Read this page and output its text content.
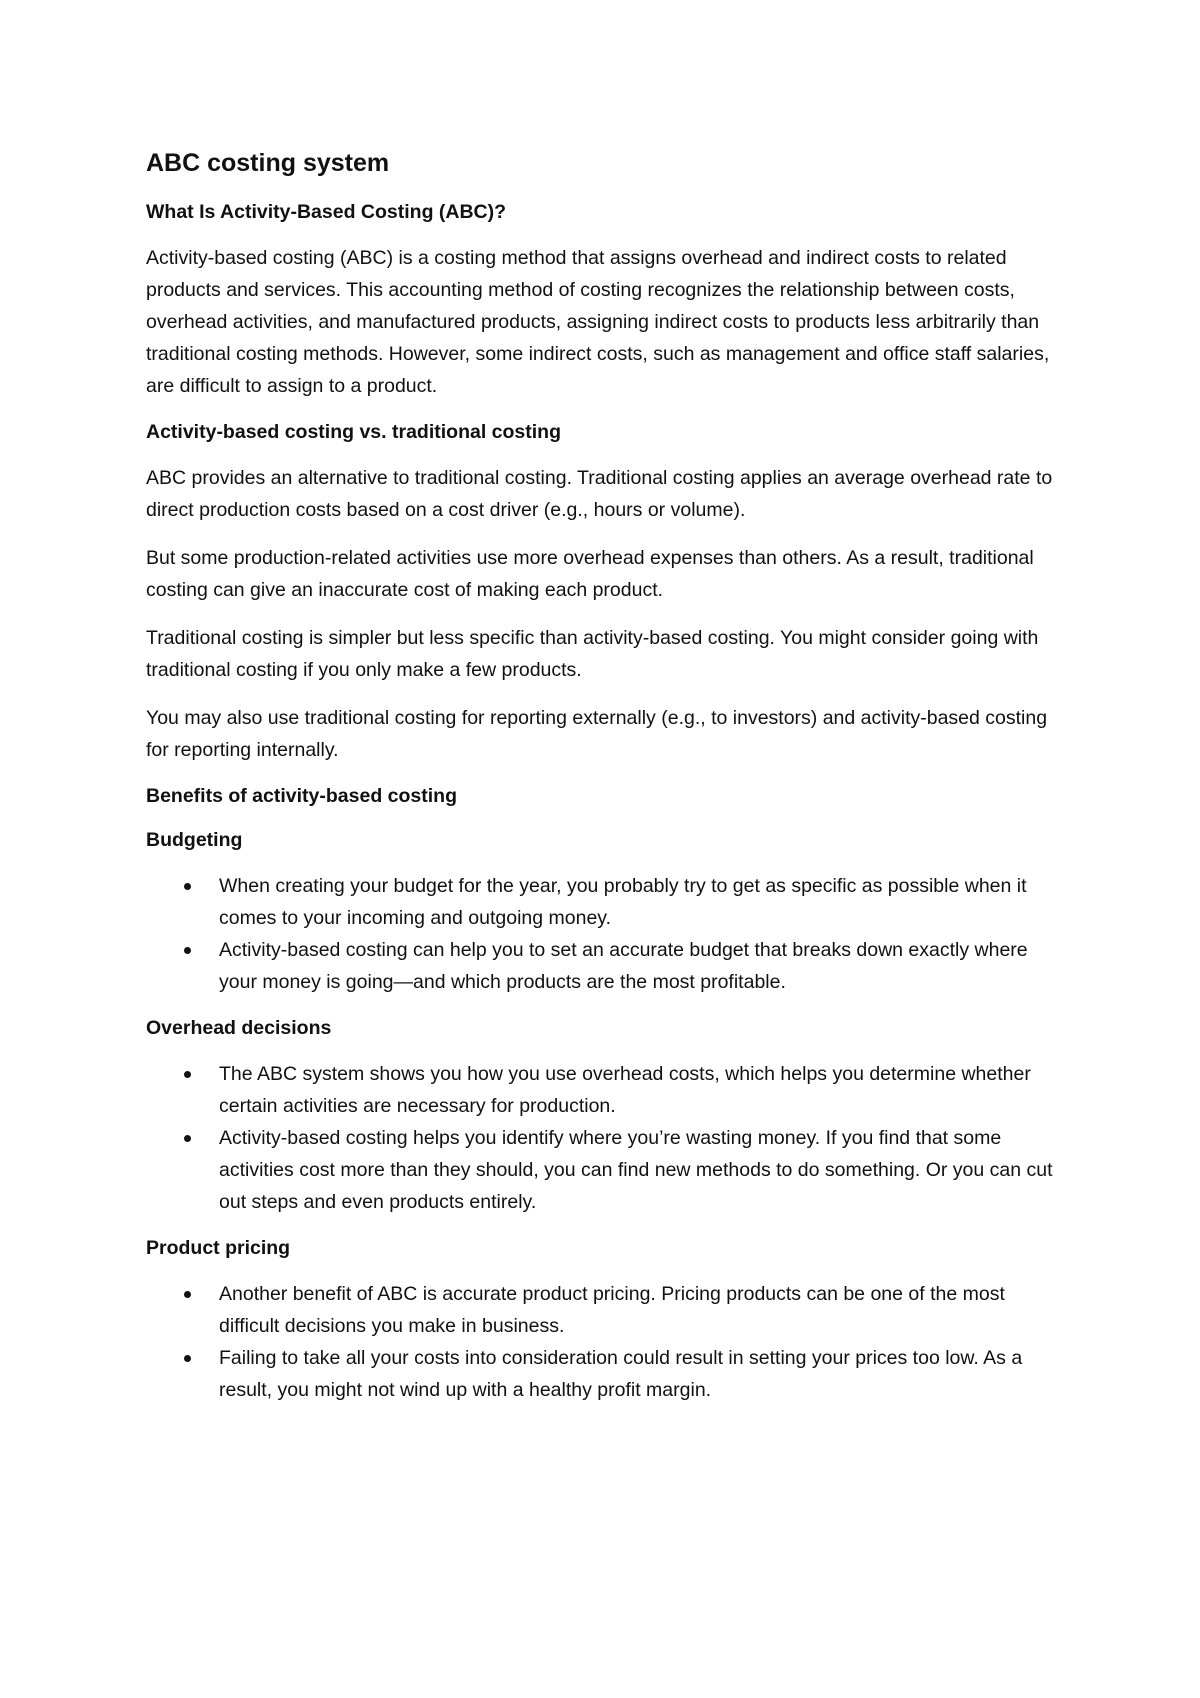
ABC costing system
What Is Activity-Based Costing (ABC)?

Activity-based costing (ABC) is a costing method that assigns overhead and indirect costs to related products and services. This accounting method of costing recognizes the relationship between costs, overhead activities, and manufactured products, assigning indirect costs to products less arbitrarily than traditional costing methods. However, some indirect costs, such as management and office staff salaries, are difficult to assign to a product.

Activity-based costing vs. traditional costing

ABC provides an alternative to traditional costing. Traditional costing applies an average overhead rate to direct production costs based on a cost driver (e.g., hours or volume).

But some production-related activities use more overhead expenses than others. As a result, traditional costing can give an inaccurate cost of making each product.

Traditional costing is simpler but less specific than activity-based costing. You might consider going with traditional costing if you only make a few products.

You may also use traditional costing for reporting externally (e.g., to investors) and activity-based costing for reporting internally.

Benefits of activity-based costing
Budgeting
When creating your budget for the year, you probably try to get as specific as possible when it comes to your incoming and outgoing money.
Activity-based costing can help you to set an accurate budget that breaks down exactly where your money is going—and which products are the most profitable.
Overhead decisions
The ABC system shows you how you use overhead costs, which helps you determine whether certain activities are necessary for production.
Activity-based costing helps you identify where you’re wasting money. If you find that some activities cost more than they should, you can find new methods to do something. Or you can cut out steps and even products entirely.
Product pricing
Another benefit of ABC is accurate product pricing. Pricing products can be one of the most difficult decisions you make in business.
Failing to take all your costs into consideration could result in setting your prices too low. As a result, you might not wind up with a healthy profit margin.
